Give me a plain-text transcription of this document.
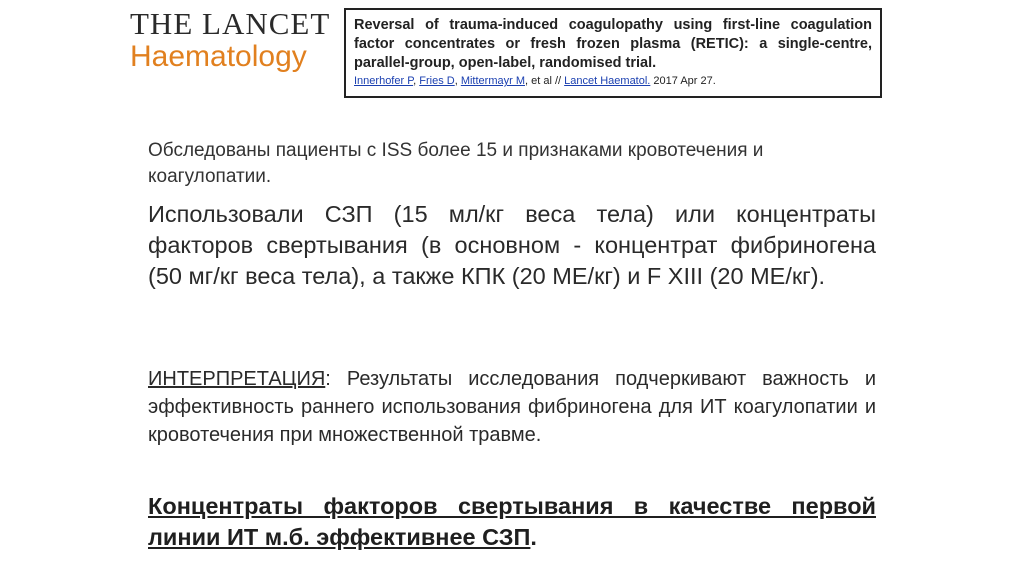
THE LANCET
Haematology
Reversal of trauma-induced coagulopathy using first-line coagulation factor concentrates or fresh frozen plasma (RETIC): a single-centre, parallel-group, open-label, randomised trial.
Innerhofer P, Fries D, Mittermayr M, et al // Lancet Haematol. 2017 Apr 27.
Обследованы пациенты с ISS более 15 и признаками кровотечения и коагулопатии.
Использовали СЗП (15 мл/кг веса тела) или концентраты факторов свертывания (в основном - концентрат фибриногена (50 мг/кг веса тела), а также КПК (20 МЕ/кг) и F XIII (20 МЕ/кг).
ИНТЕРПРЕТАЦИЯ: Результаты исследования подчеркивают важность и эффективность раннего использования фибриногена для ИТ коагулопатии и кровотечения при множественной травме.
Концентраты факторов свертывания в качестве первой линии ИТ м.б. эффективнее СЗП.
